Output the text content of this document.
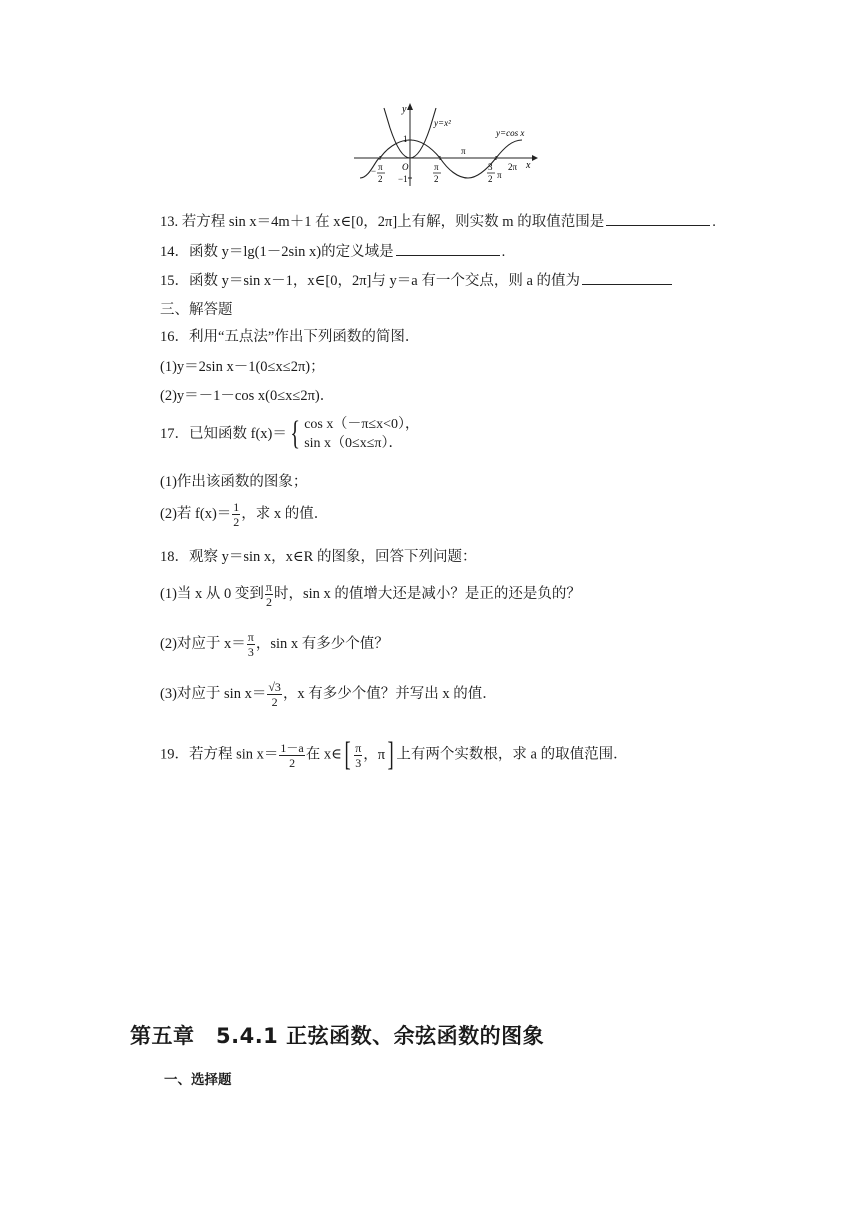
y
x
y=x²
y=cos x
1
O
−1
π
− π
2
π
2
3
2 π
2π
13. 若方程 sin x＝4m＋1 在 x∈[0，2π]上有解，则实数 m 的取值范围是	.
14．函数 y＝lg(1－2sin x)的定义域是	.
15．函数 y＝sin x－1，x∈[0，2π]与 y＝a 有一个交点，则 a 的值为
三、解答题
16．利用“五点法”作出下列函数的简图．
(1)y＝2sin x－1(0≤x≤2π)；
(2)y＝－1－cos x(0≤x≤2π)．
17．已知函数 f(x)＝ { cos x（－π≤x<0），
sin x（0≤x≤π）．
(1)作出该函数的图象；
(2)若 $f(x)= \frac{1}{2}$ ，求 x 的值．
18．观察 y＝sin x，x∈R 的图象，回答下列问题：
(1)当 x 从 0 变到 $\frac{\pi}{2}$ 时，sin x 的值增大还是减小？是正的还是负的？
(2)对应于 $x= \frac{\pi}{3}$ ，sin x 有多少个值？
(3)对应于 $\sin x= \frac{√3}{2}$ ，x 有多少个值？并写出 x 的值．
19．若方程 $\sin x= \frac{1-a}{2}$ 在 x∈ [ $\frac{\pi}{3}$ ，π ] 上有两个实数根，求 a 的取值范围．
第五章　5.4.1 正弦函数、余弦函数的图象
一、选择题
